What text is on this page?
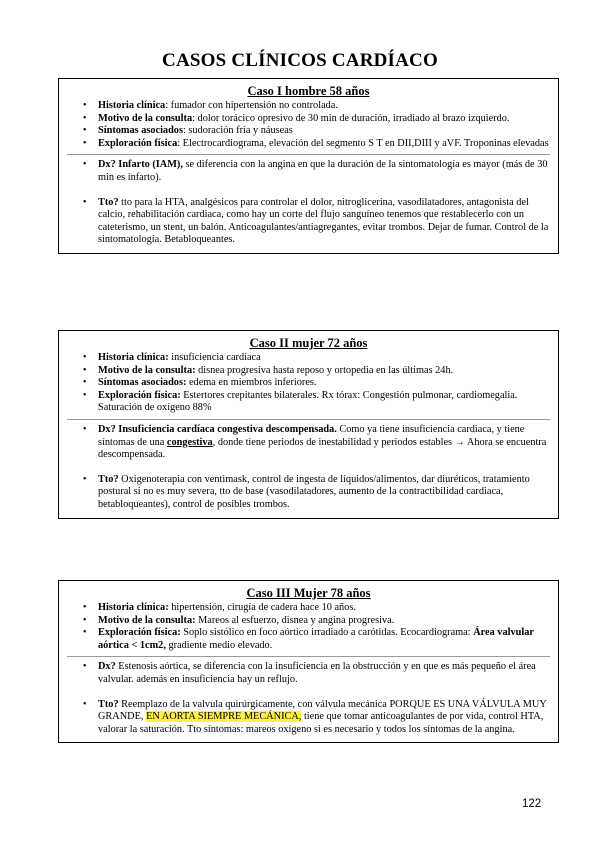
CASOS CLÍNICOS CARDÍACO
Caso I hombre 58 años
• Historia clínica: fumador con hipertensión no controlada.
• Motivo de la consulta: dolor torácico opresivo de 30 min de duración, irradiado al brazo izquierdo.
• Síntomas asociados: sudoración fría y náuseas
• Exploración física: Electrocardiograma, elevación del segmento S T en DII,DIII y aVF. Troponinas elevadas
• Dx? Infarto (IAM), se diferencia con la angina en que la duración de la sintomatología es mayor (más de 30 min es infarto).
• Tto? tto para la HTA, analgésicos para controlar el dolor, nitroglicerina, vasodilatadores, antagonista del calcio, rehabilitación cardiaca, como hay un corte del flujo sanguíneo tenemos que restablecerlo con un cateterismo, un stent, un balón. Anticoagulantes/antiagregantes, evitar trombos. Dejar de fumar. Control de la sintomatología. Betabloqueantes.
Caso II mujer 72 años
• Historia clínica: insuficiencia cardiaca
• Motivo de la consulta: disnea progresiva hasta reposo y ortopedia en las últimas 24h.
• Síntomas asociados: edema en miembros inferiores.
• Exploración física: Estertores crepitantes bilaterales. Rx tórax: Congestión pulmonar, cardiomegalia. Saturación de oxígeno 88%
• Dx? Insuficiencia cardíaca congestiva descompensada. Como ya tiene insuficiencia cardiaca, y tiene síntomas de una congestiva, donde tiene periodos de inestabilidad y periodos estables → Ahora se encuentra descompensada.
• Tto? Oxigenoterapia con ventimask, control de ingesta de líquidos/alimentos, dar diuréticos, tratamiento postural si no es muy severa, tto de base (vasodilatadores, aumento de la contractibilidad cardiaca, betabloqueantes), control de posibles trombos.
Caso III Mujer 78 años
• Historia clínica: hipertensión, cirugía de cadera hace 10 años.
• Motivo de la consulta: Mareos al esfuerzo, disnea y angina progresiva.
• Exploración física: Soplo sistólico en foco aórtico irradiado a carótidas. Ecocardiograma: Área valvular aórtica < 1cm2, gradiente medio elevado.
• Dx? Estenosis aórtica, se diferencia con la insuficiencia en la obstrucción y en que es más pequeño el área valvular. además en insuficiencia hay un reflujo.
• Tto? Reemplazo de la valvula quirúrgicamente, con válvula mecánica PORQUE ES UNA VÁLVULA MUY GRANDE, EN AORTA SIEMPRE MECÁNICA, tiene que tomar anticoagulantes de por vida, control HTA, valorar la saturación. Tto síntomas: mareos oxígeno si es necesario y todos los síntomas de la angina.
122
